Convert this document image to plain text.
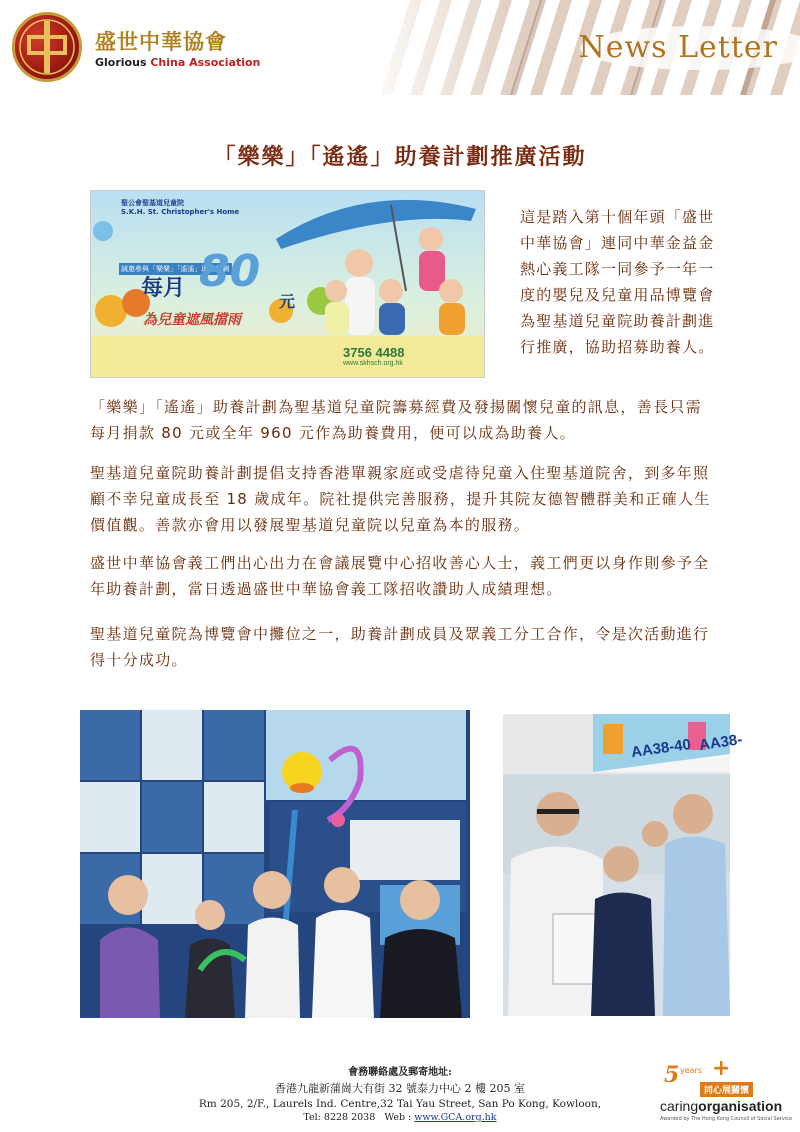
盛世中華協會
Glorious China Association	News Letter
「樂樂」「遙遙」助養計劃推廣活動
聖公會聖基道兒童院
S.K.H. St. Christopher's Home
誠邀參與「樂樂」「遙遙」助養計劃
80
每月
元
為兒童遮風擋雨
3756 4488
www.skhsch.org.hk
這是踏入第十個年頭「盛世中華協會」連同中華金益金熱心義工隊一同參予一年一度的嬰兒及兒童用品博覽會為聖基道兒童院助養計劃進行推廣，協助招募助養人。
「樂樂」「遙遙」助養計劃為聖基道兒童院籌募經費及發揚關懷兒童的訊息，善長只需每月捐款 80 元或全年 960 元作為助養費用，便可以成為助養人。
聖基道兒童院助養計劃提倡支持香港單親家庭或受虐待兒童入住聖基道院舍，到多年照顧不幸兒童成長至 18 歲成年。院社提供完善服務，提升其院友德智體群美和正確人生價值觀。善款亦會用以發展聖基道兒童院以兒童為本的服務。
盛世中華協會義工們出心出力在會議展覽中心招收善心人士，義工們更以身作則參予全年助養計劃，當日透過盛世中華協會義工隊招收讚助人成績理想。
聖基道兒童院為博覽會中攤位之一，助養計劃成員及眾義工分工合作，令是次活動進行得十分成功。
AA38-40 AA38-
會務聯絡處及郵寄地址:
香港九龍新蒲崗大有街 32 號泰力中心 2 樓 205 室
Rm 205, 2/F., Laurels Ind. Centre,32 Tai Yau Street, San Po Kong, Kowloon,
Tel: 8228 2038 Web : www.GCA.org.hk
5 years +
同心展關懷
caringorganisation
Awarded by The Hong Kong Council of Social Service
